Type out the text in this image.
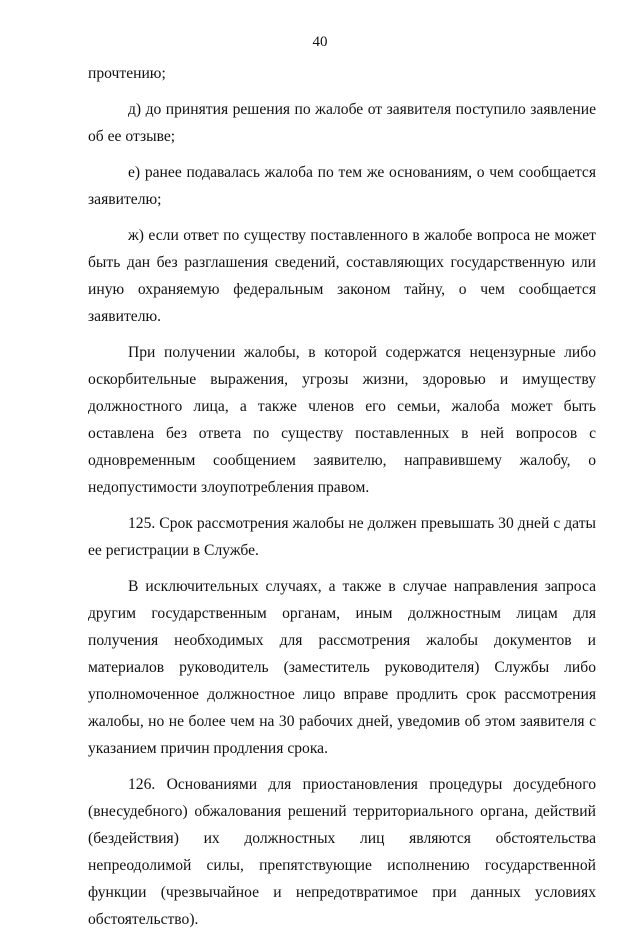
40

прочтению;

д) до принятия решения по жалобе от заявителя поступило заявление об ее отзыве;

е) ранее подавалась жалоба по тем же основаниям, о чем сообщается заявителю;

ж) если ответ по существу поставленного в жалобе вопроса не может быть дан без разглашения сведений, составляющих государственную или иную охраняемую федеральным законом тайну, о чем сообщается заявителю.

При получении жалобы, в которой содержатся нецензурные либо оскорбительные выражения, угрозы жизни, здоровью и имуществу должностного лица, а также членов его семьи, жалоба может быть оставлена без ответа по существу поставленных в ней вопросов с одновременным сообщением заявителю, направившему жалобу, о недопустимости злоупотребления правом.

125. Срок рассмотрения жалобы не должен превышать 30 дней с даты ее регистрации в Службе.

В исключительных случаях, а также в случае направления запроса другим государственным органам, иным должностным лицам для получения необходимых для рассмотрения жалобы документов и материалов руководитель (заместитель руководителя) Службы либо уполномоченное должностное лицо вправе продлить срок рассмотрения жалобы, но не более чем на 30 рабочих дней, уведомив об этом заявителя с указанием причин продления срока.

126. Основаниями для приостановления процедуры досудебного (внесудебного) обжалования решений территориального органа, действий (бездействия) их должностных лиц являются обстоятельства непреодолимой силы, препятствующие исполнению государственной функции (чрезвычайное и непредотвратимое при данных условиях обстоятельство).
